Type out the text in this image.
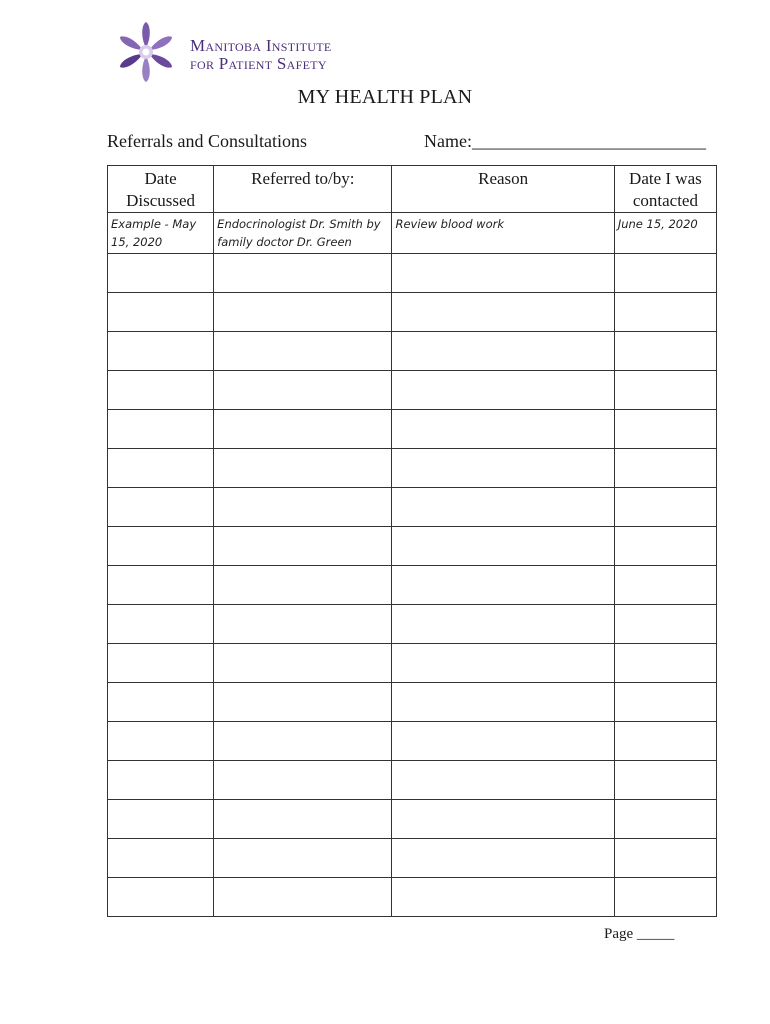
Manitoba Institute
for Patient Safety
MY HEALTH PLAN
Referrals and Consultations	Name:__________________________
Date Discussed	Referred to/by:	Reason	Date I was contacted
Example - May 15, 2020	Endocrinologist Dr. Smith by family doctor Dr. Green	Review blood work	June 15, 2020

Page _____
